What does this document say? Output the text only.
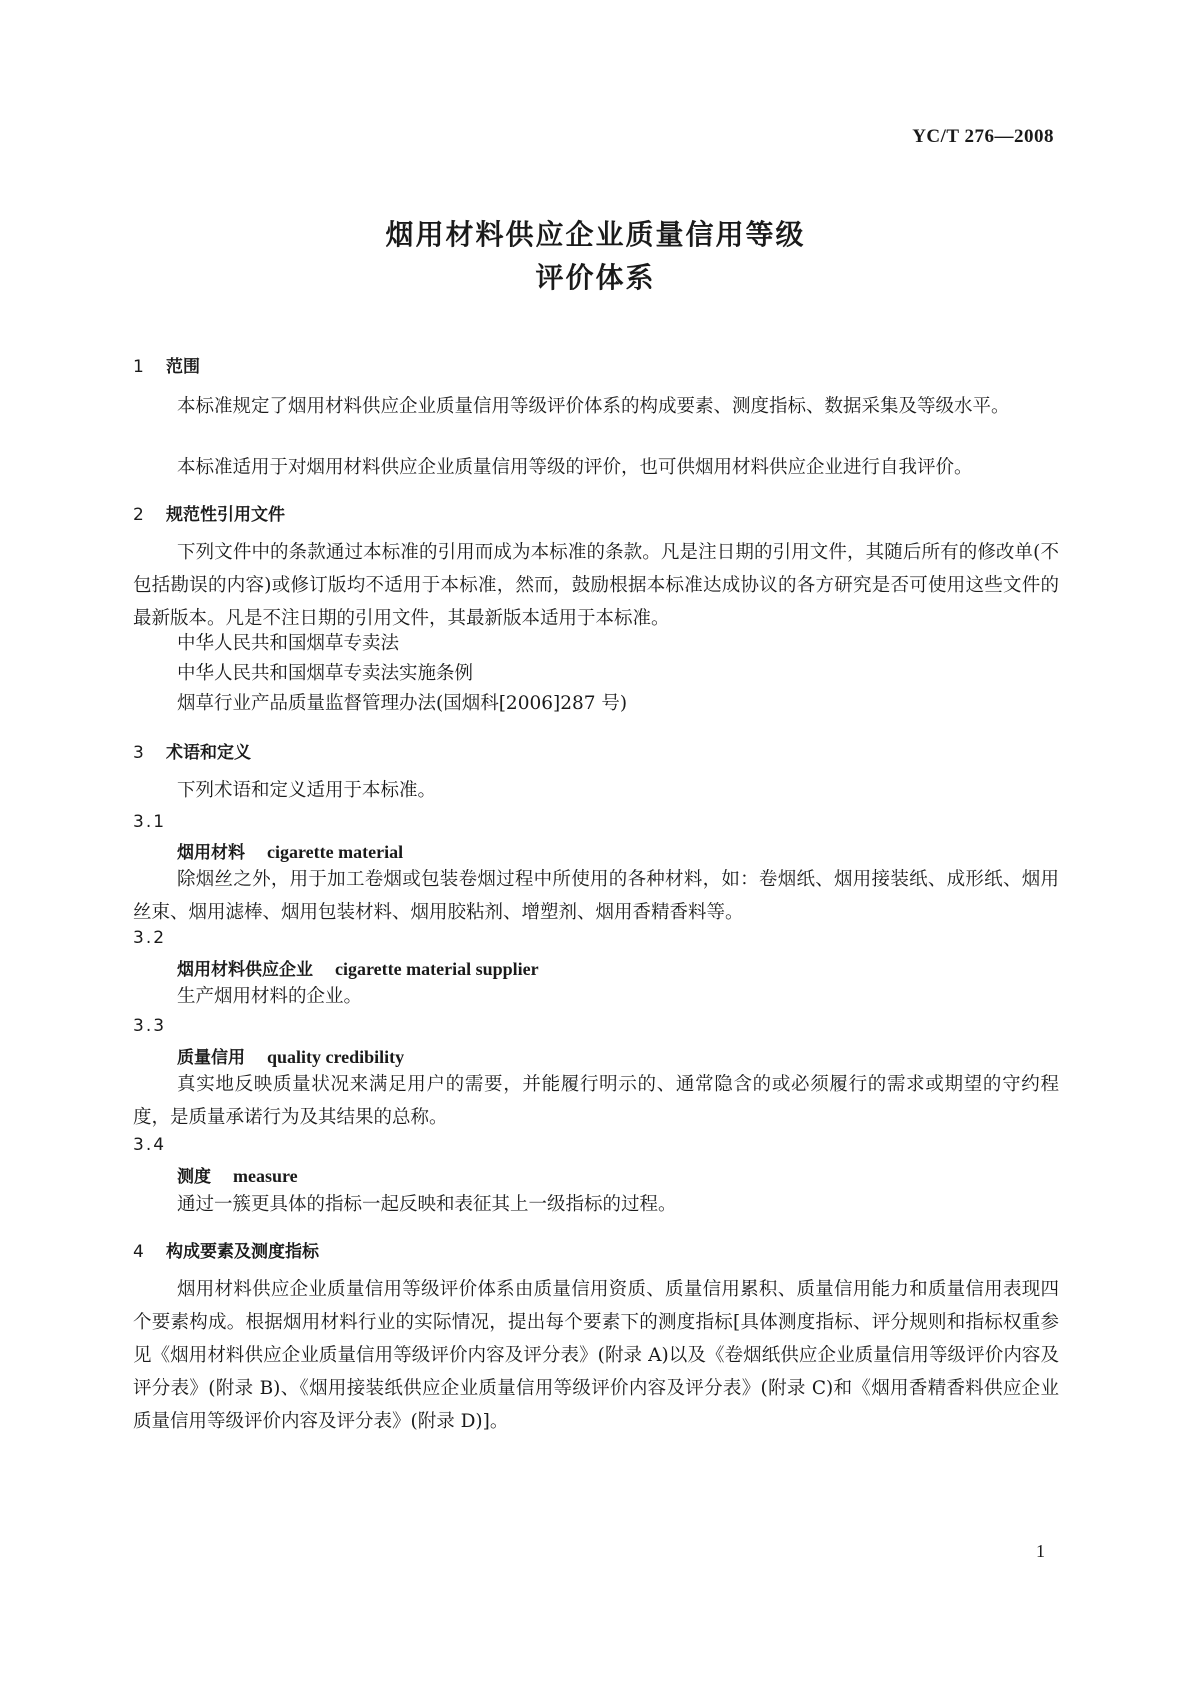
YC/T 276—2008
烟用材料供应企业质量信用等级
评价体系
1 范围
本标准规定了烟用材料供应企业质量信用等级评价体系的构成要素、测度指标、数据采集及等级水平。
本标准适用于对烟用材料供应企业质量信用等级的评价，也可供烟用材料供应企业进行自我评价。
2 规范性引用文件
下列文件中的条款通过本标准的引用而成为本标准的条款。凡是注日期的引用文件，其随后所有的修改单(不包括勘误的内容)或修订版均不适用于本标准，然而，鼓励根据本标准达成协议的各方研究是否可使用这些文件的最新版本。凡是不注日期的引用文件，其最新版本适用于本标准。
中华人民共和国烟草专卖法
中华人民共和国烟草专卖法实施条例
烟草行业产品质量监督管理办法(国烟科[2006]287 号)
3 术语和定义
下列术语和定义适用于本标准。
3.1
烟用材料 cigarette material
除烟丝之外，用于加工卷烟或包装卷烟过程中所使用的各种材料，如：卷烟纸、烟用接装纸、成形纸、烟用丝束、烟用滤棒、烟用包装材料、烟用胶粘剂、增塑剂、烟用香精香料等。
3.2
烟用材料供应企业 cigarette material supplier
生产烟用材料的企业。
3.3
质量信用 quality credibility
真实地反映质量状况来满足用户的需要，并能履行明示的、通常隐含的或必须履行的需求或期望的守约程度，是质量承诺行为及其结果的总称。
3.4
测度 measure
通过一簇更具体的指标一起反映和表征其上一级指标的过程。
4 构成要素及测度指标
烟用材料供应企业质量信用等级评价体系由质量信用资质、质量信用累积、质量信用能力和质量信用表现四个要素构成。根据烟用材料行业的实际情况，提出每个要素下的测度指标[具体测度指标、评分规则和指标权重参见《烟用材料供应企业质量信用等级评价内容及评分表》(附录 A)以及《卷烟纸供应企业质量信用等级评价内容及评分表》(附录 B)、《烟用接装纸供应企业质量信用等级评价内容及评分表》(附录 C)和《烟用香精香料供应企业质量信用等级评价内容及评分表》(附录 D)]。
1
